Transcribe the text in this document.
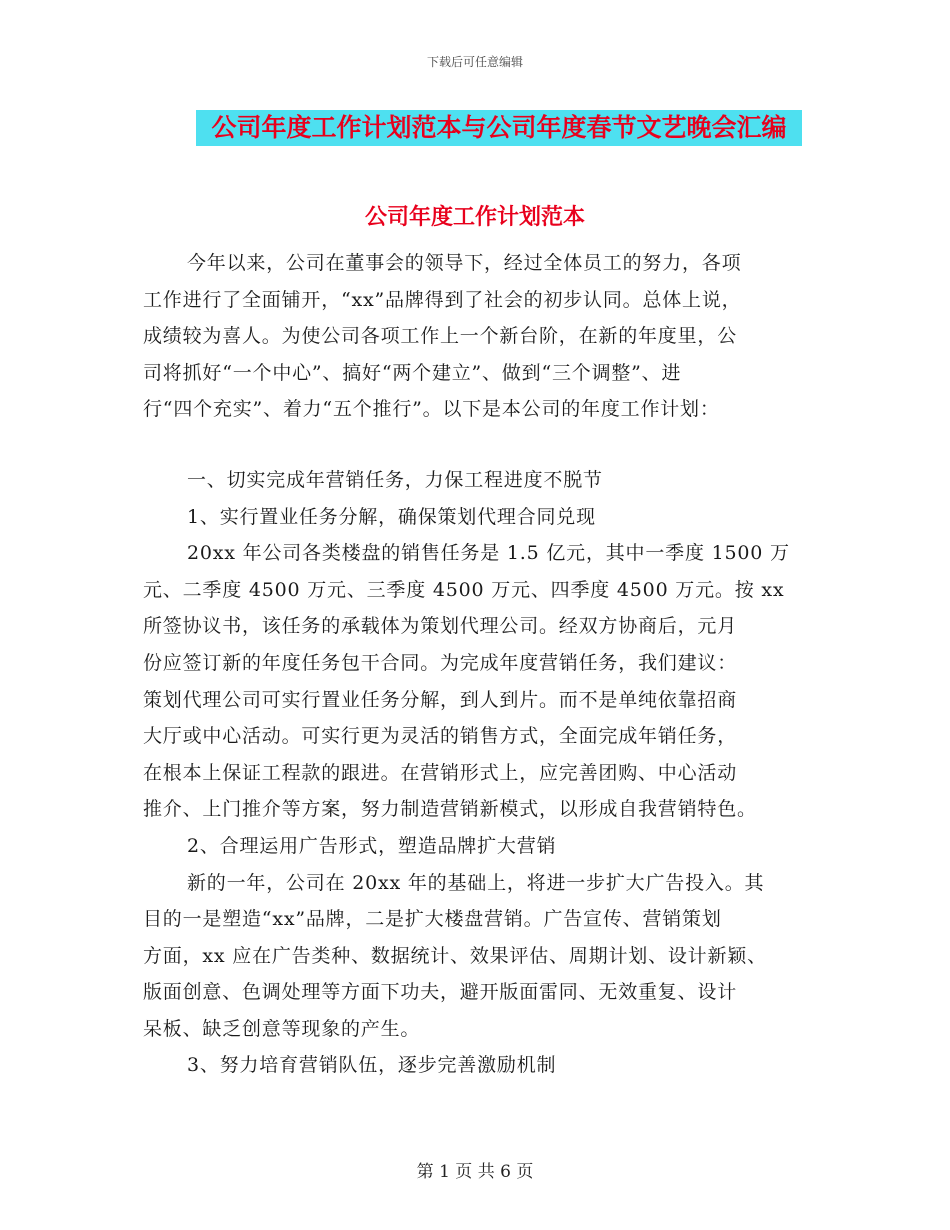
下载后可任意编辑
公司年度工作计划范本与公司年度春节文艺晚会汇编
公司年度工作计划范本
今年以来，公司在董事会的领导下，经过全体员工的努力，各项
工作进行了全面铺开，“xx”品牌得到了社会的初步认同。总体上说，
成绩较为喜人。为使公司各项工作上一个新台阶，在新的年度里，公
司将抓好“一个中心”、搞好“两个建立”、做到“三个调整”、进
行“四个充实”、着力“五个推行”。以下是本公司的年度工作计划：
一、切实完成年营销任务，力保工程进度不脱节
1、实行置业任务分解，确保策划代理合同兑现
20xx 年公司各类楼盘的销售任务是 1.5 亿元，其中一季度 1500 万
元、二季度 4500 万元、三季度 4500 万元、四季度 4500 万元。按 xx
所签协议书，该任务的承载体为策划代理公司。经双方协商后，元月
份应签订新的年度任务包干合同。为完成年度营销任务，我们建议：
策划代理公司可实行置业任务分解，到人到片。而不是单纯依靠招商
大厅或中心活动。可实行更为灵活的销售方式，全面完成年销任务，
在根本上保证工程款的跟进。在营销形式上，应完善团购、中心活动
推介、上门推介等方案，努力制造营销新模式，以形成自我营销特色。
2、合理运用广告形式，塑造品牌扩大营销
新的一年，公司在 20xx 年的基础上，将进一步扩大广告投入。其
目的一是塑造“xx”品牌，二是扩大楼盘营销。广告宣传、营销策划
方面，xx 应在广告类种、数据统计、效果评估、周期计划、设计新颖、
版面创意、色调处理等方面下功夫，避开版面雷同、无效重复、设计
呆板、缺乏创意等现象的产生。
3、努力培育营销队伍，逐步完善激励机制
第 1 页 共 6 页
